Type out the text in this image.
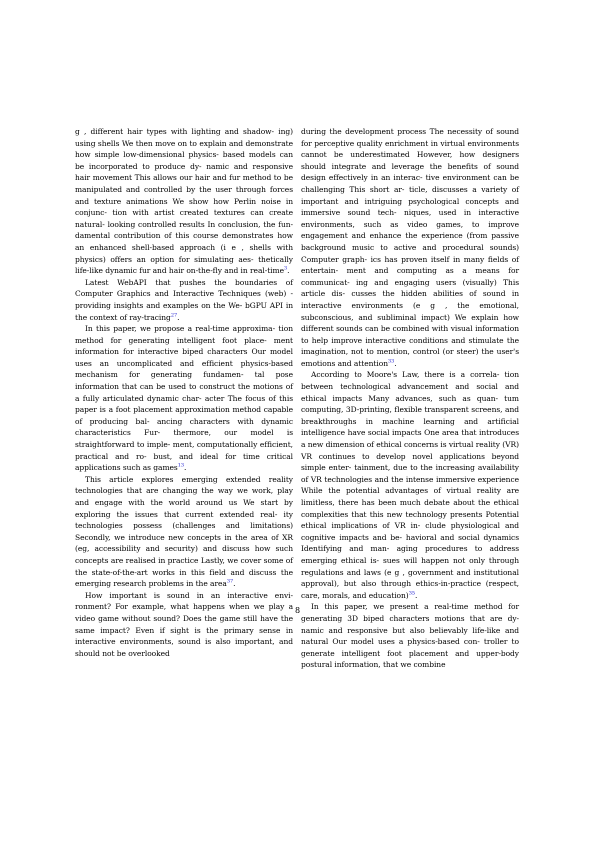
g , different hair types with lighting and shadow- ing) using shells We then move on to explain and demonstrate how simple low-dimensional physics- based models can be incorporated to produce dy- namic and responsive hair movement This allows our hair and fur method to be manipulated and controlled by the user through forces and texture animations We show how Perlin noise in conjunc- tion with artist created textures can create natural- looking controlled results In conclusion, the fun- damental contribution of this course demonstrates how an enhanced shell-based approach (i e , shells with physics) offers an option for simulating aes- thetically life-like dynamic fur and hair on-the-fly and in real-time$^3$.

Latest WebAPI that pushes the boundaries of Computer Graphics and Interactive Techniques (web) - providing insights and examples on the We- bGPU API in the context of ray-tracing$^{27}$.

In this paper, we propose a real-time approxima- tion method for generating intelligent foot place- ment information for interactive biped characters Our model uses an uncomplicated and efficient physics-based mechanism for generating fundamen- tal pose information that can be used to construct the motions of a fully articulated dynamic char- acter The focus of this paper is a foot placement approximation method capable of producing bal- ancing characters with dynamic characteristics Fur- thermore, our model is straightforward to imple- ment, computationally efficient, practical and ro- bust, and ideal for time critical applications such as games$^{13}$.

This article explores emerging extended reality technologies that are changing the way we work, play and engage with the world around us We start by exploring the issues that current extended real- ity technologies possess (challenges and limitations) Secondly, we introduce new concepts in the area of XR (eg, accessibility and security) and discuss how such concepts are realised in practice Lastly, we cover some of the state-of-the-art works in this field and discuss the emerging research problems in the area$^{37}$.

How important is sound in an interactive envi- ronment? For example, what happens when we play a video game without sound? Does the game still have the same impact? Even if sight is the primary sense in interactive environments, sound is also important, and should not be overlooked

during the development process The necessity of sound for perceptive quality enrichment in virtual environments cannot be underestimated However, how designers should integrate and leverage the benefits of sound design effectively in an interac- tive environment can be challenging This short ar- ticle, discusses a variety of important and intriguing psychological concepts and immersive sound tech- niques, used in interactive environments, such as video games, to improve engagement and enhance the experience (from passive background music to active and procedural sounds) Computer graph- ics has proven itself in many fields of entertain- ment and computing as a means for communicat- ing and engaging users (visually) This article dis- cusses the hidden abilities of sound in interactive environments (e g , the emotional, subconscious, and subliminal impact) We explain how different sounds can be combined with visual information to help improve interactive conditions and stimulate the imagination, not to mention, control (or steer) the user's emotions and attention$^{33}$.

According to Moore's Law, there is a correla- tion between technological advancement and social and ethical impacts Many advances, such as quan- tum computing, 3D-printing, flexible transparent screens, and breakthroughs in machine learning and artificial intelligence have social impacts One area that introduces a new dimension of ethical concerns is virtual reality (VR) VR continues to develop novel applications beyond simple enter- tainment, due to the increasing availability of VR technologies and the intense immersive experience While the potential advantages of virtual reality are limitless, there has been much debate about the ethical complexities that this new technology presents Potential ethical implications of VR in- clude physiological and cognitive impacts and be- havioral and social dynamics Identifying and man- aging procedures to address emerging ethical is- sues will happen not only through regulations and laws (e g , government and institutional approval), but also through ethics-in-practice (respect, care, morals, and education)$^{35}$.

In this paper, we present a real-time method for generating 3D biped characters motions that are dy- namic and responsive but also believably life-like and natural Our model uses a physics-based con- troller to generate intelligent foot placement and upper-body postural information, that we combine

8
